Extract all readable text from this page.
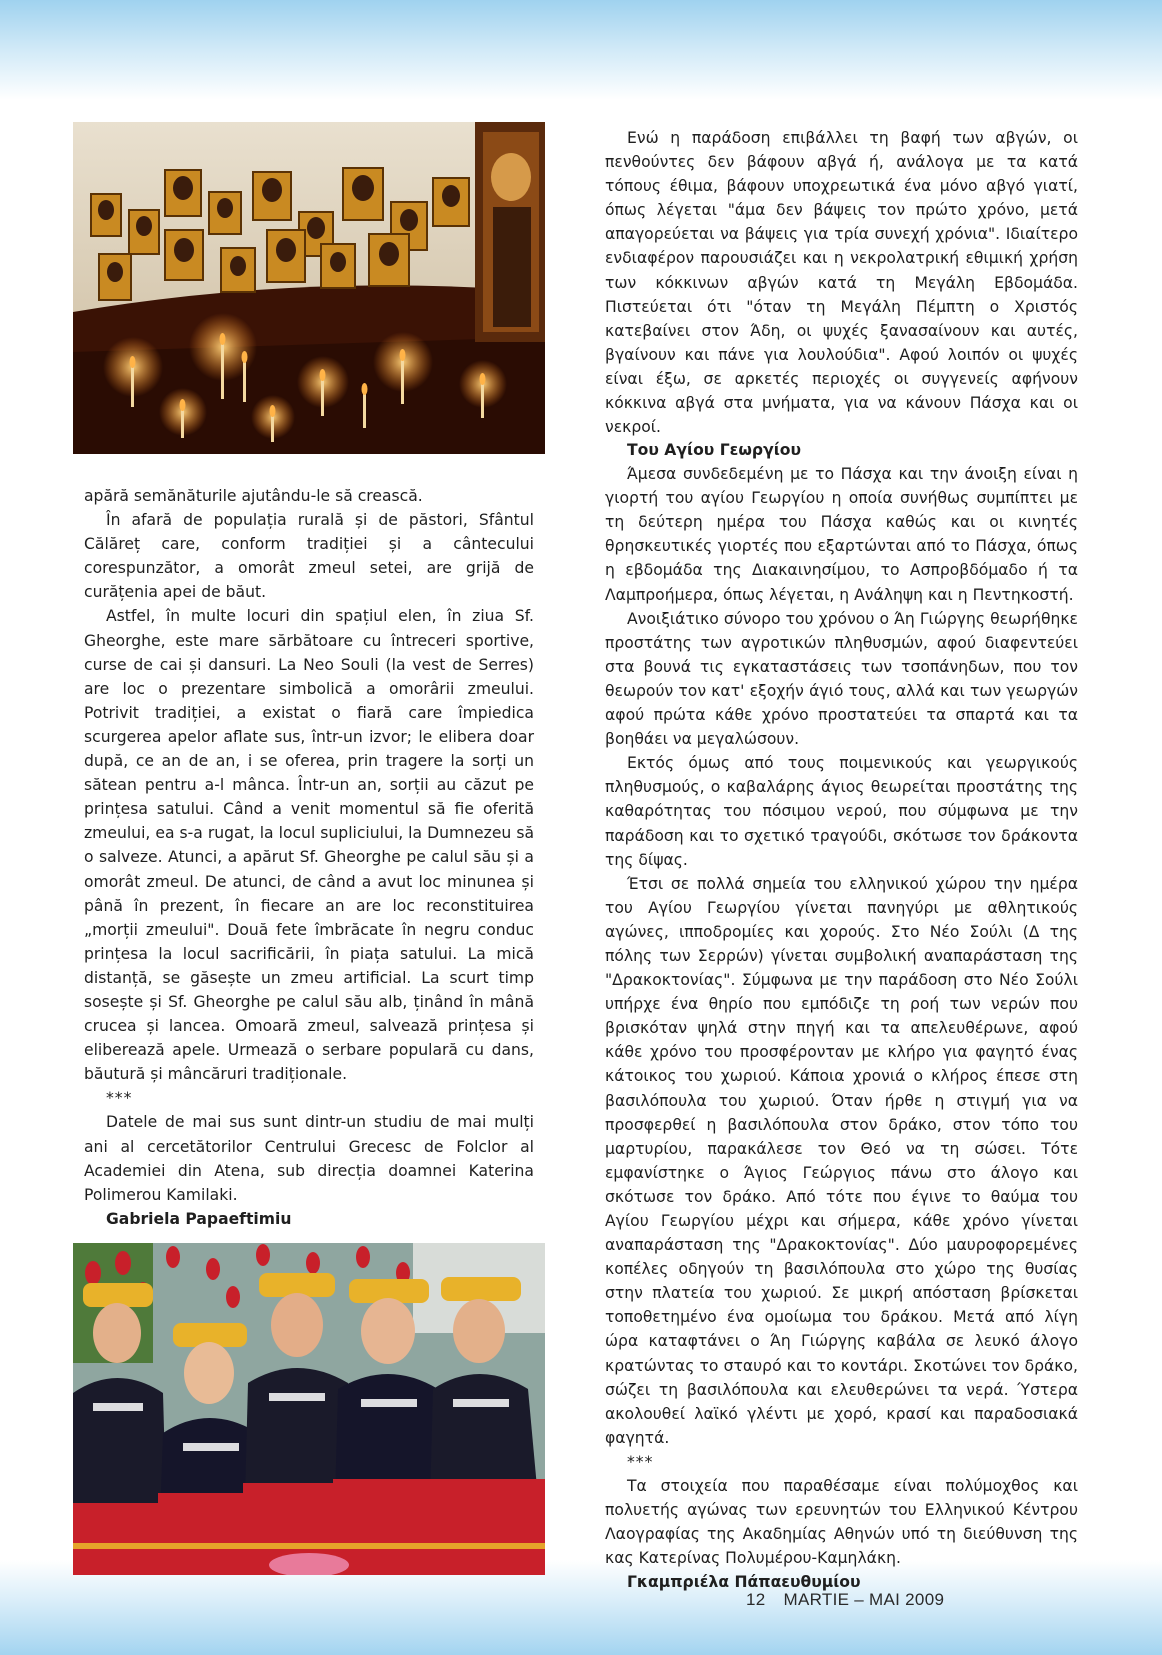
Ενώ η παράδοση επιβάλλει τη βαφή των αβγών, οι πενθούντες δεν βάφουν αβγά ή, ανάλογα με τα κατά τόπους έθιμα, βάφουν υποχρεωτικά ένα μόνο αβγό γιατί, όπως λέγεται "άμα δεν βάψεις τον πρώτο χρόνο, μετά απαγορεύεται να βάψεις για τρία συνεχή χρόνια". Ιδιαίτερο ενδιαφέρον παρουσιάζει και η νεκρολατρική εθιμική χρήση των κόκκινων αβγών κατά τη Μεγάλη Εβδομάδα. Πιστεύεται ότι "όταν τη Μεγάλη Πέμπτη ο Χριστός κατεβαίνει στον Άδη, οι ψυχές ξανασαίνουν και αυτές, βγαίνουν και πάνε για λουλούδια". Αφού λοιπόν οι ψυχές είναι έξω, σε αρκετές περιοχές οι συγγενείς αφήνουν κόκκινα αβγά στα μνήματα, για να κάνουν Πάσχα και οι νεκροί.

apără semănăturile ajutându-le să crească.

În afară de populația rurală și de păstori, Sfântul Călăreț care, conform tradiției și a cântecului corespunzător, a omorât zmeul setei, are grijă de curățenia apei de băut.

Astfel, în multe locuri din spațiul elen, în ziua Sf. Gheorghe, este mare sărbătoare cu întreceri sportive, curse de cai și dansuri. La Neo Souli (la vest de Serres) are loc o prezentare simbolică a omorârii zmeului. Potrivit tradiției, a existat o fiară care împiedica scurgerea apelor aflate sus, într-un izvor; le elibera doar după, ce an de an, i se oferea, prin tragere la sorți un sătean pentru a-l mânca. Într-un an, sorții au căzut pe prințesa satului. Când a venit momentul să fie oferită zmeului, ea s-a rugat, la locul supliciului, la Dumnezeu să o salveze. Atunci, a apărut Sf. Gheorghe pe calul său și a omorât zmeul. De atunci, de când a avut loc minunea și până în prezent, în fiecare an are loc reconstituirea „morții zmeului". Două fete îmbrăcate în negru conduc prințesa la locul sacrificării, în piața satului. La mică distanță, se găsește un zmeu artificial. La scurt timp sosește și Sf. Gheorghe pe calul său alb, ținând în mână crucea și lancea. Omoară zmeul, salvează prințesa și eliberează apele. Urmează o serbare populară cu dans, băutură și mâncăruri tradiționale.

***

Datele de mai sus sunt dintr-un studiu de mai mulți ani al cercetătorilor Centrului Grecesc de Folclor al Academiei din Atena, sub direcția doamnei Katerina Polimerou Kamilaki.

Gabriela Papaeftimiu

Του Αγίου Γεωργίου

Άμεσα συνδεδεμένη με το Πάσχα και την άνοιξη είναι η γιορτή του αγίου Γεωργίου η οποία συνήθως συμπίπτει με τη δεύτερη ημέρα του Πάσχα καθώς και οι κινητές θρησκευτικές γιορτές που εξαρτώνται από το Πάσχα, όπως η εβδομάδα της Διακαινησίμου, το Ασπροβδόμαδο ή τα Λαμπροήμερα, όπως λέγεται, η Ανάληψη και η Πεντηκοστή.

Ανοιξιάτικο σύνορο του χρόνου ο Άη Γιώργης θεωρήθηκε προστάτης των αγροτικών πληθυσμών, αφού διαφεντεύει στα βουνά τις εγκαταστάσεις των τσοπάνηδων, που τον θεωρούν τον κατ' εξοχήν άγιό τους, αλλά και των γεωργών αφού πρώτα κάθε χρόνο προστατεύει τα σπαρτά και τα βοηθάει να μεγαλώσουν.

Εκτός όμως από τους ποιμενικούς και γεωργικούς πληθυσμούς, ο καβαλάρης άγιος θεωρείται προστάτης της καθαρότητας του πόσιμου νερού, που σύμφωνα με την παράδοση και το σχετικό τραγούδι, σκότωσε τον δράκοντα της δίψας.

Έτσι σε πολλά σημεία του ελληνικού χώρου την ημέρα του Αγίου Γεωργίου γίνεται πανηγύρι με αθλητικούς αγώνες, ιπποδρομίες και χορούς. Στο Νέο Σούλι (Δ της πόλης των Σερρών) γίνεται συμβολική αναπαράσταση της "Δρακοκτονίας". Σύμφωνα με την παράδοση στο Νέο Σούλι υπήρχε ένα θηρίο που εμπόδιζε τη ροή των νερών που βρισκόταν ψηλά στην πηγή και τα απελευθέρωνε, αφού κάθε χρόνο του προσφέρονταν με κλήρο για φαγητό ένας κάτοικος του χωριού. Κάποια χρονιά ο κλήρος έπεσε στη βασιλόπουλα του χωριού. Όταν ήρθε η στιγμή για να προσφερθεί η βασιλόπουλα στον δράκο, στον τόπο του μαρτυρίου, παρακάλεσε τον Θεό να τη σώσει. Τότε εμφανίστηκε ο Άγιος Γεώργιος πάνω στο άλογο και σκότωσε τον δράκο. Από τότε που έγινε το θαύμα του Αγίου Γεωργίου μέχρι και σήμερα, κάθε χρόνο γίνεται αναπαράσταση της "Δρακοκτονίας". Δύο μαυροφορεμένες κοπέλες οδηγούν τη βασιλόπουλα στο χώρο της θυσίας στην πλατεία του χωριού. Σε μικρή απόσταση βρίσκεται τοποθετημένο ένα ομοίωμα του δράκου. Μετά από λίγη ώρα καταφτάνει ο Άη Γιώργης καβάλα σε λευκό άλογο κρατώντας το σταυρό και το κοντάρι. Σκοτώνει τον δράκο, σώζει τη βασιλόπουλα και ελευθερώνει τα νερά. Ύστερα ακολουθεί λαϊκό γλέντι με χορό, κρασί και παραδοσιακά φαγητά.

***

Τα στοιχεία που παραθέσαμε είναι πολύμοχθος και πολυετής αγώνας των ερευνητών του Ελληνικού Κέντρου Λαογραφίας της Ακαδημίας Αθηνών υπό τη διεύθυνση της κας Κατερίνας Πολυμέρου-Καμηλάκη.

Γκαμπριέλα Πάπαευθυμίου

12 MARTIE – MAI 2009
